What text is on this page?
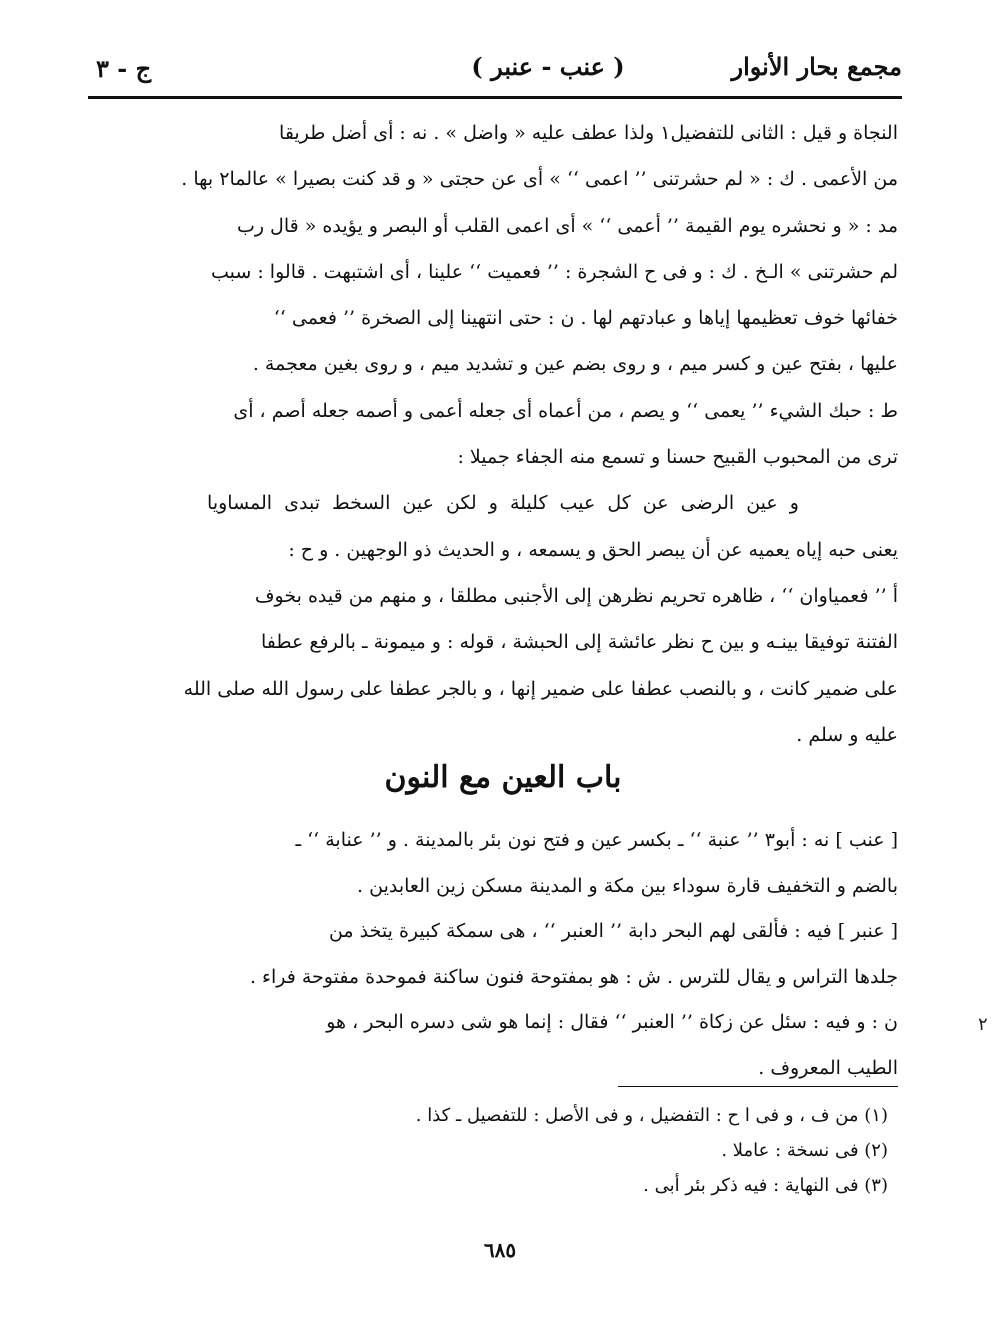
مجمع بحار الأنوار
( عنب - عنبر )
ج - ٣
النجاة و قيل : الثانى للتفضيل١ ولذا عطف عليه « واضل » . نه : أى أضل طريقا
من الأعمى . ك : « لم حشرتنى ’’ اعمى ‘‘ » أى عن حجتى « و قد كنت بصيرا » عالما٢ بها .
مد : « و نحشره يوم القيمة ’’ أعمى ‘‘ » أى اعمى القلب أو البصر و يؤيده « قال رب
لم حشرتنى » الـخ . ك : و فى ح الشجرة : ’’ فعميت ‘‘ علينا ، أى اشتبهت . قالوا : سبب
خفائها خوف تعظيمها إياها و عبادتهم لها . ن : حتى انتهينا إلى الصخرة ’’ فعمى ‘‘
عليها ، بفتح عين و كسر ميم ، و روى بضم عين و تشديد ميم ، و روى بغين معجمة .
ط : حبك الشيء ’’ يعمى ‘‘ و يصم ، من أعماه أى جعله أعمى و أصمه جعله أصم ، أى
ترى من المحبوب القبيح حسنا و تسمع منه الجفاء جميلا :
و عين الرضى عن كل عيب كليلة و لكن عين السخط تبدى المساويا
يعنى حبه إياه يعميه عن أن يبصر الحق و يسمعه ، و الحديث ذو الوجهين . و ح :
أ ’’ فعمياوان ‘‘ ، ظاهره تحريم نظرهن إلى الأجنبى مطلقا ، و منهم من قيده بخوف
الفتنة توفيقا بينـه و بين ح نظر عائشة إلى الحبشة ، قوله : و ميمونة ـ بالرفع عطفا
على ضمير كانت ، و بالنصب عطفا على ضمير إنها ، و بالجر عطفا على رسول الله صلى الله
عليه و سلم .
باب العين مع النون
[ عنب ] نه : أبو٣ ’’ عنبة ‘‘ ـ بكسر عين و فتح نون بئر بالمدينة . و ’’ عنابة ‘‘ ـ
بالضم و التخفيف قارة سوداء بين مكة و المدينة مسكن زين العابدين .
[ عنبر ] فيه : فألقى لهم البحر دابة ’’ العنبر ‘‘ ، هى سمكة كبيرة يتخذ من
جلدها التراس و يقال للترس . ش : هو بمفتوحة فنون ساكنة فموحدة مفتوحة فراء .
ن : و فيه : سئل عن زكاة ’’ العنبر ‘‘ فقال : إنما هو شى دسره البحر ، هو
الطيب المعروف .
(١) من ف ، و فى ا ح : التفضيل ، و فى الأصل : للتفصيل ـ كذا .
(٢) فى نسخة : عاملا .
(٣) فى النهاية : فيه ذكر بئر أبى .
٦٨٥
٢
